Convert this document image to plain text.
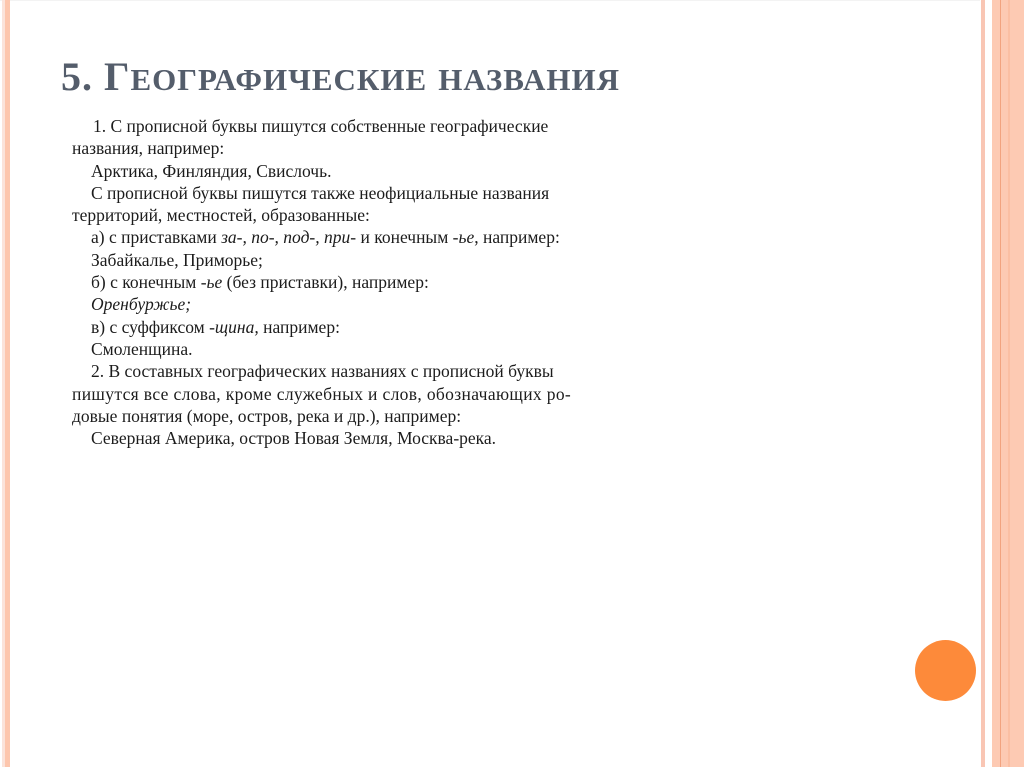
5. ГЕОГРАФИЧЕСКИЕ НАЗВАНИЯ
1. С прописной буквы пишутся собственные географические
названия, например:
Арктика, Финляндия, Свислочь.
С прописной буквы пишутся также неофициальные названия
территорий, местностей, образованные:
а) с приставками за-, по-, под-, при- и конечным -ье, например:
Забайкалье, Приморье;
б) с конечным -ье (без приставки), например:
Оренбуржье;
в) с суффиксом -щина, например:
Смоленщина.
2. В составных географических названиях с прописной буквы
пишутся все слова, кроме служебных и слов, обозначающих ро-
довые понятия (море, остров, река и др.), например:
Северная Америка, остров Новая Земля, Москва-река.
